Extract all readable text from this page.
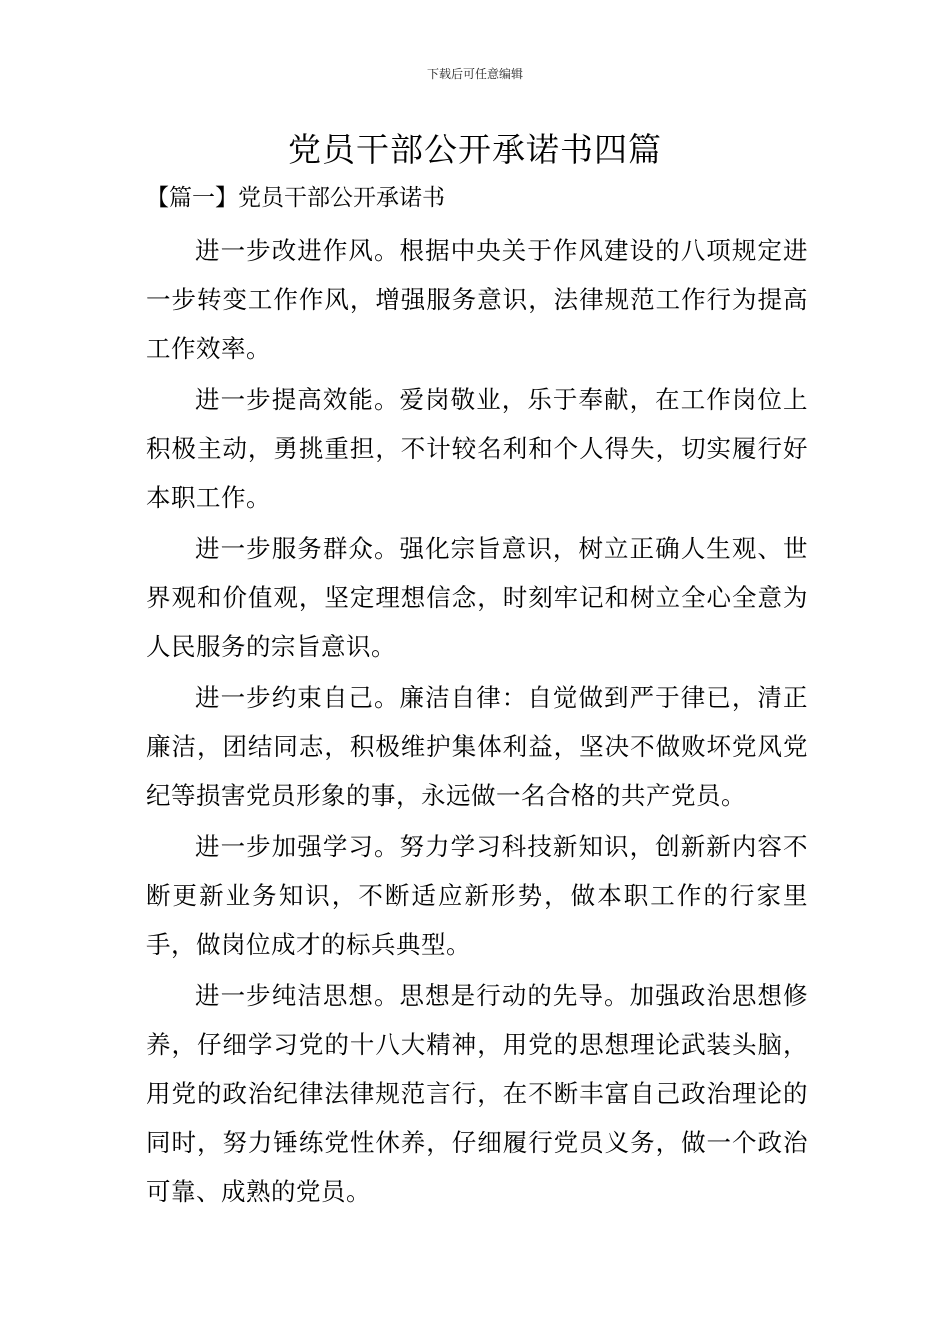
下载后可任意编辑
党员干部公开承诺书四篇
【篇一】党员干部公开承诺书

进一步改进作风。根据中央关于作风建设的八项规定进一步转变工作作风，增强服务意识，法律规范工作行为提高工作效率。

进一步提高效能。爱岗敬业，乐于奉献，在工作岗位上积极主动，勇挑重担，不计较名利和个人得失，切实履行好本职工作。

进一步服务群众。强化宗旨意识，树立正确人生观、世界观和价值观，坚定理想信念，时刻牢记和树立全心全意为人民服务的宗旨意识。

进一步约束自己。廉洁自律：自觉做到严于律已，清正廉洁，团结同志，积极维护集体利益，坚决不做败坏党风党纪等损害党员形象的事，永远做一名合格的共产党员。

进一步加强学习。努力学习科技新知识，创新新内容不断更新业务知识，不断适应新形势，做本职工作的行家里手，做岗位成才的标兵典型。

进一步纯洁思想。思想是行动的先导。加强政治思想修养，仔细学习党的十八大精神，用党的思想理论武装头脑，用党的政治纪律法律规范言行，在不断丰富自己政治理论的同时，努力锤练党性休养，仔细履行党员义务，做一个政治可靠、成熟的党员。
